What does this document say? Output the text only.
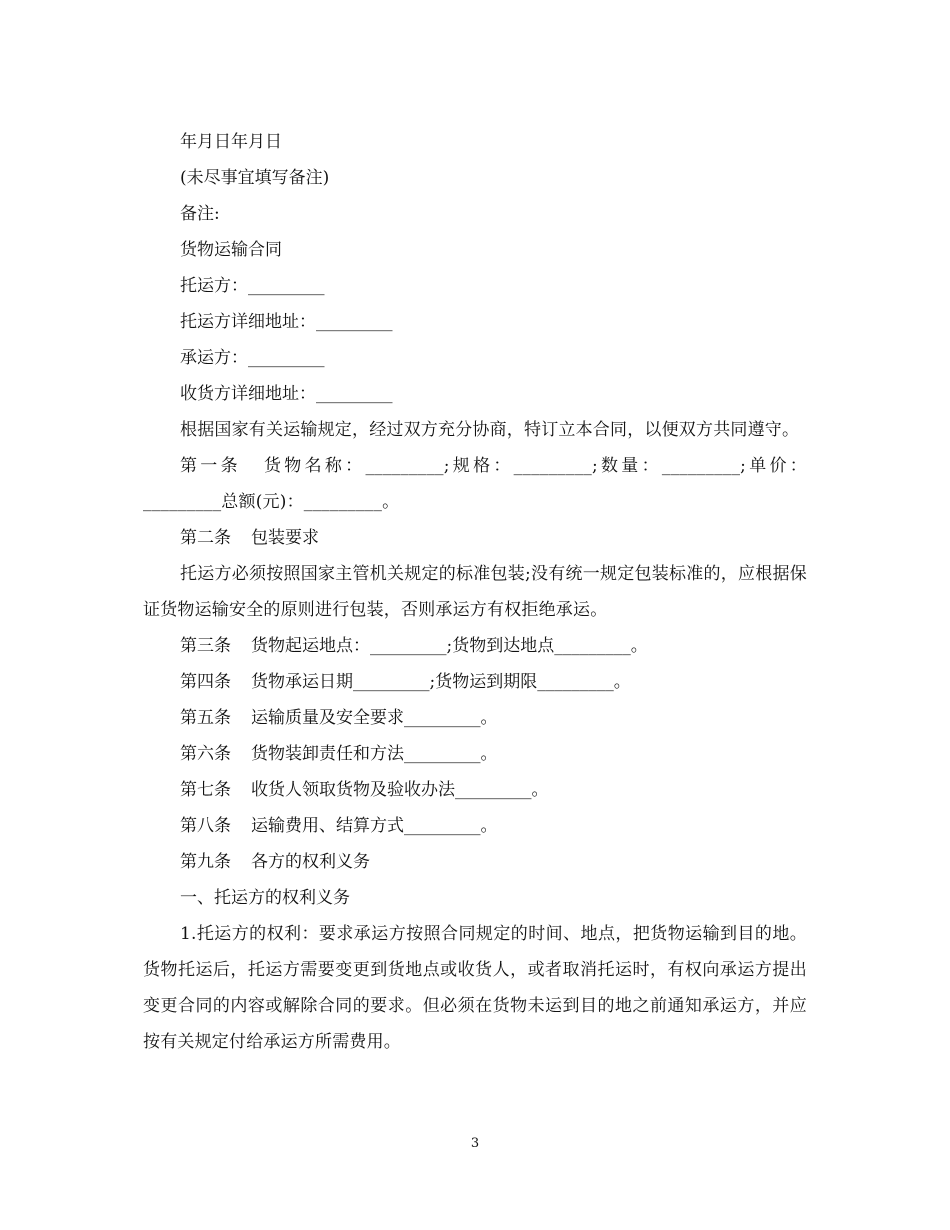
年月日年月日

(未尽事宜填写备注)

备注:

货物运输合同

托运方：_________

托运方详细地址：_________

承运方：_________

收货方详细地址：_________

根据国家有关运输规定，经过双方充分协商，特订立本合同，以便双方共同遵守。

第一条 货物名称：_________;规格：_________;数量：_________;单价：_________总额(元)：_________。

第二条 包装要求

托运方必须按照国家主管机关规定的标准包装;没有统一规定包装标准的，应根据保证货物运输安全的原则进行包装，否则承运方有权拒绝承运。

第三条 货物起运地点：_________;货物到达地点_________。

第四条 货物承运日期_________;货物运到期限_________。

第五条 运输质量及安全要求_________。

第六条 货物装卸责任和方法_________。

第七条 收货人领取货物及验收办法_________。

第八条 运输费用、结算方式_________。

第九条 各方的权利义务

一、托运方的权利义务

1.托运方的权利：要求承运方按照合同规定的时间、地点，把货物运输到目的地。货物托运后，托运方需要变更到货地点或收货人，或者取消托运时，有权向承运方提出变更合同的内容或解除合同的要求。但必须在货物未运到目的地之前通知承运方，并应按有关规定付给承运方所需费用。

3
